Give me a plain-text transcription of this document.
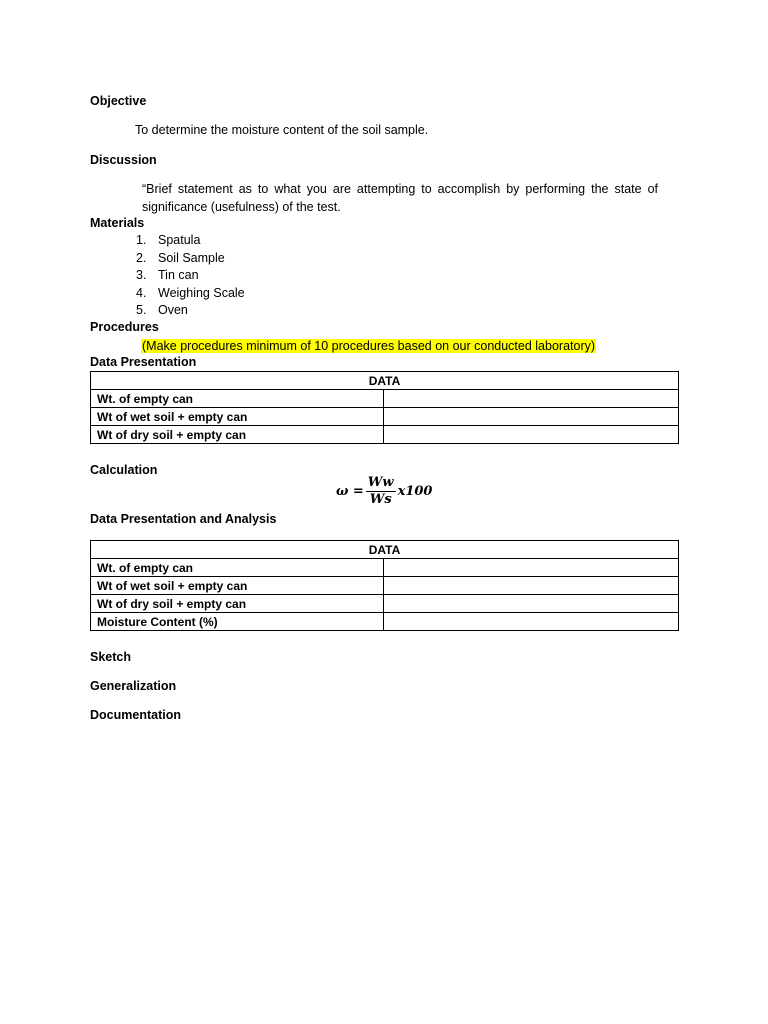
Objective
To determine the moisture content of the soil sample.
Discussion
“Brief statement as to what you are attempting to accomplish by performing the state of significance (usefulness) of the test.
Materials
1. Spatula
2. Soil Sample
3. Tin can
4. Weighing Scale
5. Oven
Procedures
(Make procedures minimum of 10 procedures based on our conducted laboratory)
Data Presentation
DATA	
Wt. of empty can	
Wt of wet soil + empty can	
Wt of dry soil + empty can	
Calculation
$\omega = \frac{Ww}{Ws} x100$
Data Presentation and Analysis
DATA	
Wt. of empty can	
Wt of wet soil + empty can	
Wt of dry soil + empty can	
Moisture Content (%)	
Sketch
Generalization
Documentation
